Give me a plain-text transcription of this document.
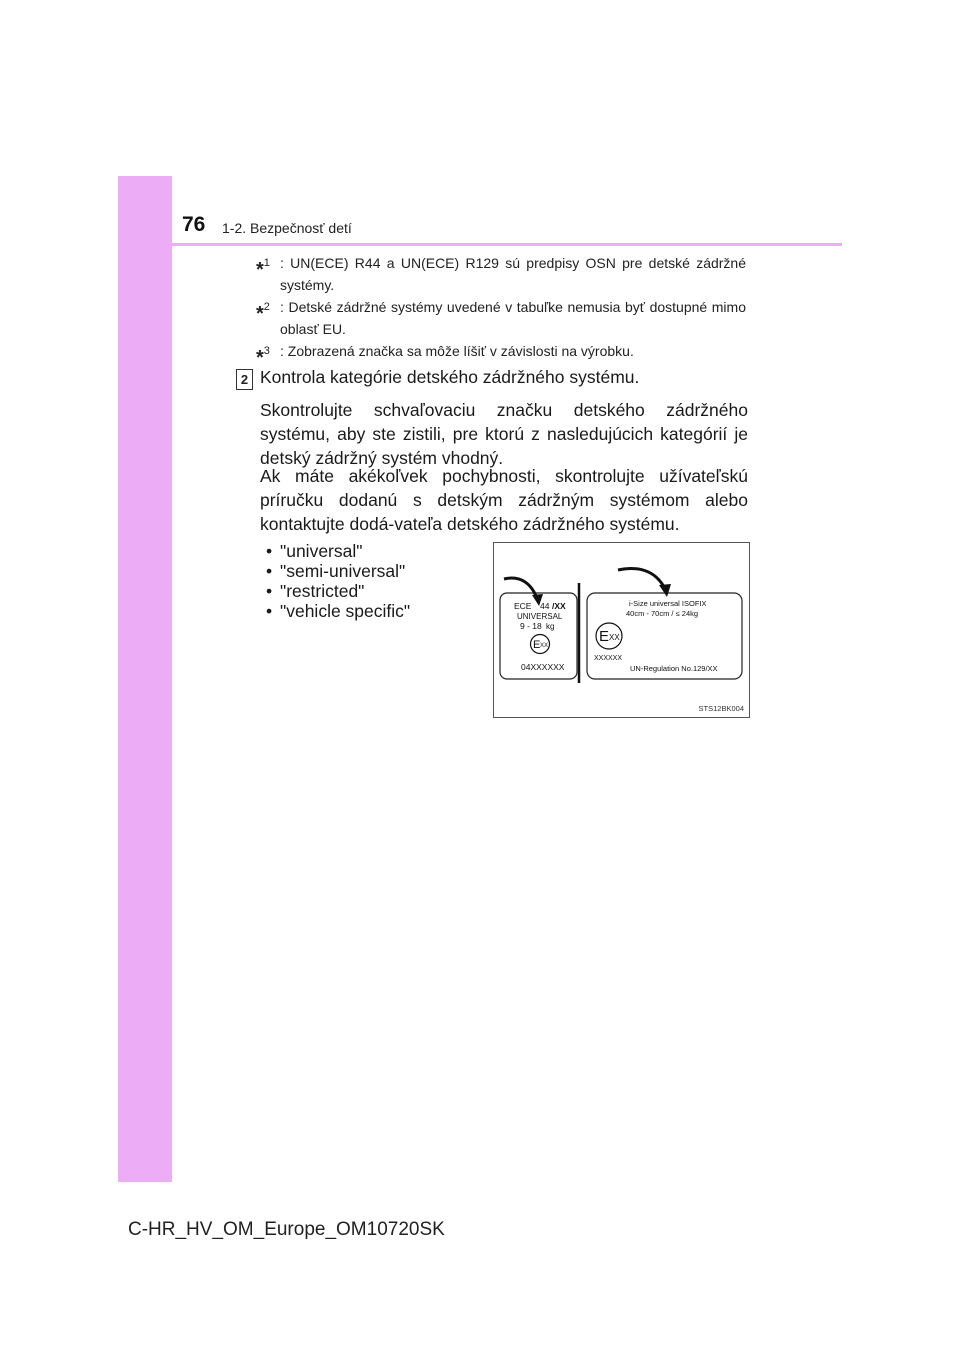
76 1-2. Bezpečnosť detí
*$^1$ : UN(ECE) R44 a UN(ECE) R129 sú predpisy OSN pre detské zádržné systémy.
*$^2$ : Detské zádržné systémy uvedené v tabuľke nemusia byť dostupné mimo oblasť EU.
*$^3$ : Zobrazená značka sa môže líšiť v závislosti na výrobku.
2 Kontrola kategórie detského zádržného systému.
Skontrolujte schvaľovaciu značku detského zádržného systému, aby ste zistili, pre ktorú z nasledujúcich kategórií je detský zádržný systém vhodný.
Ak máte akékoľvek pochybnosti, skontrolujte užívateľskú príručku dodanú s detským zádržným systémom alebo kontaktujte dodá-vateľa detského zádržného systému.
• "universal"
• "semi-universal"
• "restricted"
• "vehicle specific"	ECE 44 /XX
UNIVERSAL
9 - 18 kg
E XX
04XXXXXX
i-Size universal ISOFIX
40cm - 70cm / ≤ 24kg
E XX
XXXXXX
UN-Regulation No.129/XX
STS12BK004
C-HR_HV_OM_Europe_OM10720SK
